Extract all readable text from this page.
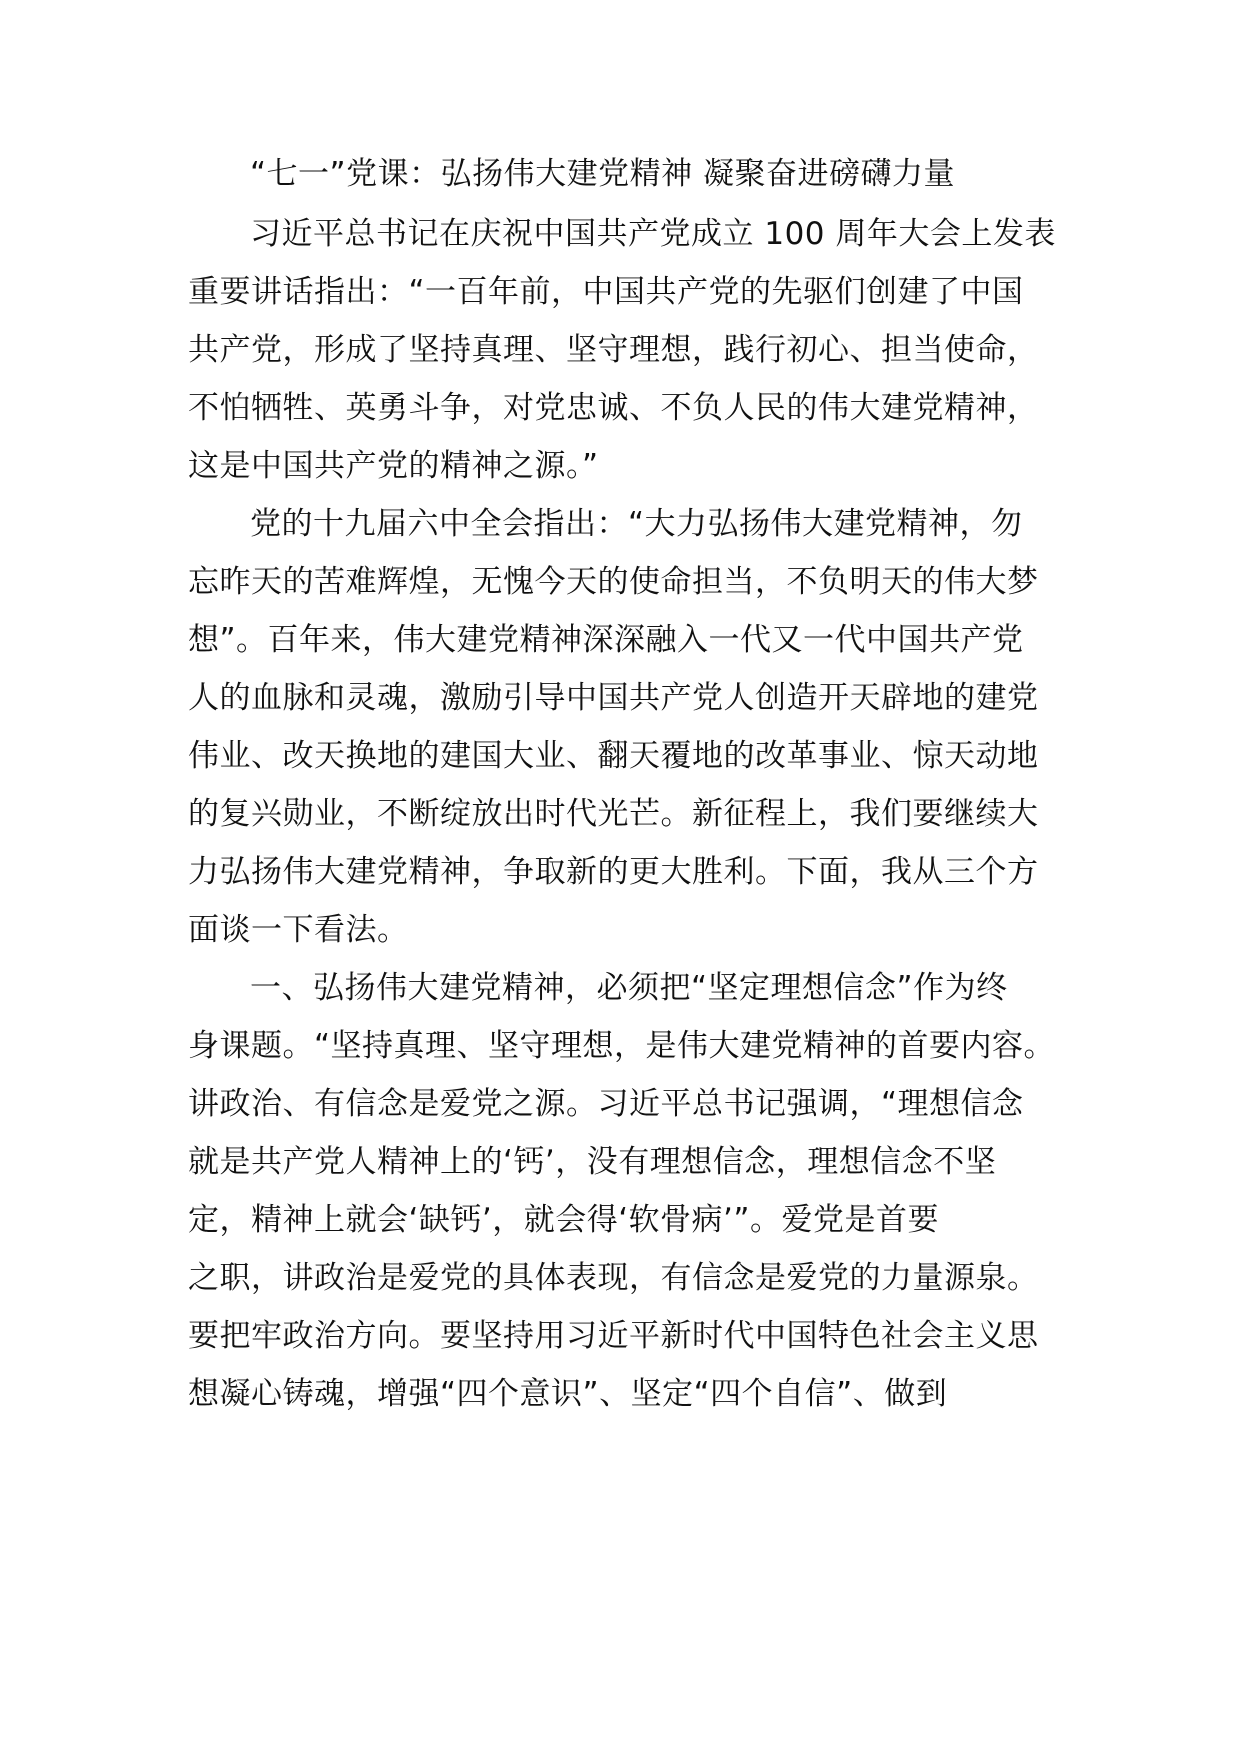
“七一”党课：弘扬伟大建党精神 凝聚奋进磅礴力量
习近平总书记在庆祝中国共产党成立 100 周年大会上发表
重要讲话指出：“一百年前，中国共产党的先驱们创建了中国
共产党，形成了坚持真理、坚守理想，践行初心、担当使命，
不怕牺牲、英勇斗争，对党忠诚、不负人民的伟大建党精神，
这是中国共产党的精神之源。”
党的十九届六中全会指出：“大力弘扬伟大建党精神，勿
忘昨天的苦难辉煌，无愧今天的使命担当，不负明天的伟大梦
想”。百年来，伟大建党精神深深融入一代又一代中国共产党
人的血脉和灵魂，激励引导中国共产党人创造开天辟地的建党
伟业、改天换地的建国大业、翻天覆地的改革事业、惊天动地
的复兴勋业，不断绽放出时代光芒。新征程上，我们要继续大
力弘扬伟大建党精神，争取新的更大胜利。下面，我从三个方
面谈一下看法。
一、弘扬伟大建党精神，必须把“坚定理想信念”作为终
身课题。“坚持真理、坚守理想，是伟大建党精神的首要内容。
讲政治、有信念是爱党之源。习近平总书记强调，“理想信念
就是共产党人精神上的‘钙’，没有理想信念，理想信念不坚
定，精神上就会‘缺钙’，就会得‘软骨病’”。爱党是首要
之职，讲政治是爱党的具体表现，有信念是爱党的力量源泉。
要把牢政治方向。要坚持用习近平新时代中国特色社会主义思
想凝心铸魂，增强“四个意识”、坚定“四个自信”、做到
